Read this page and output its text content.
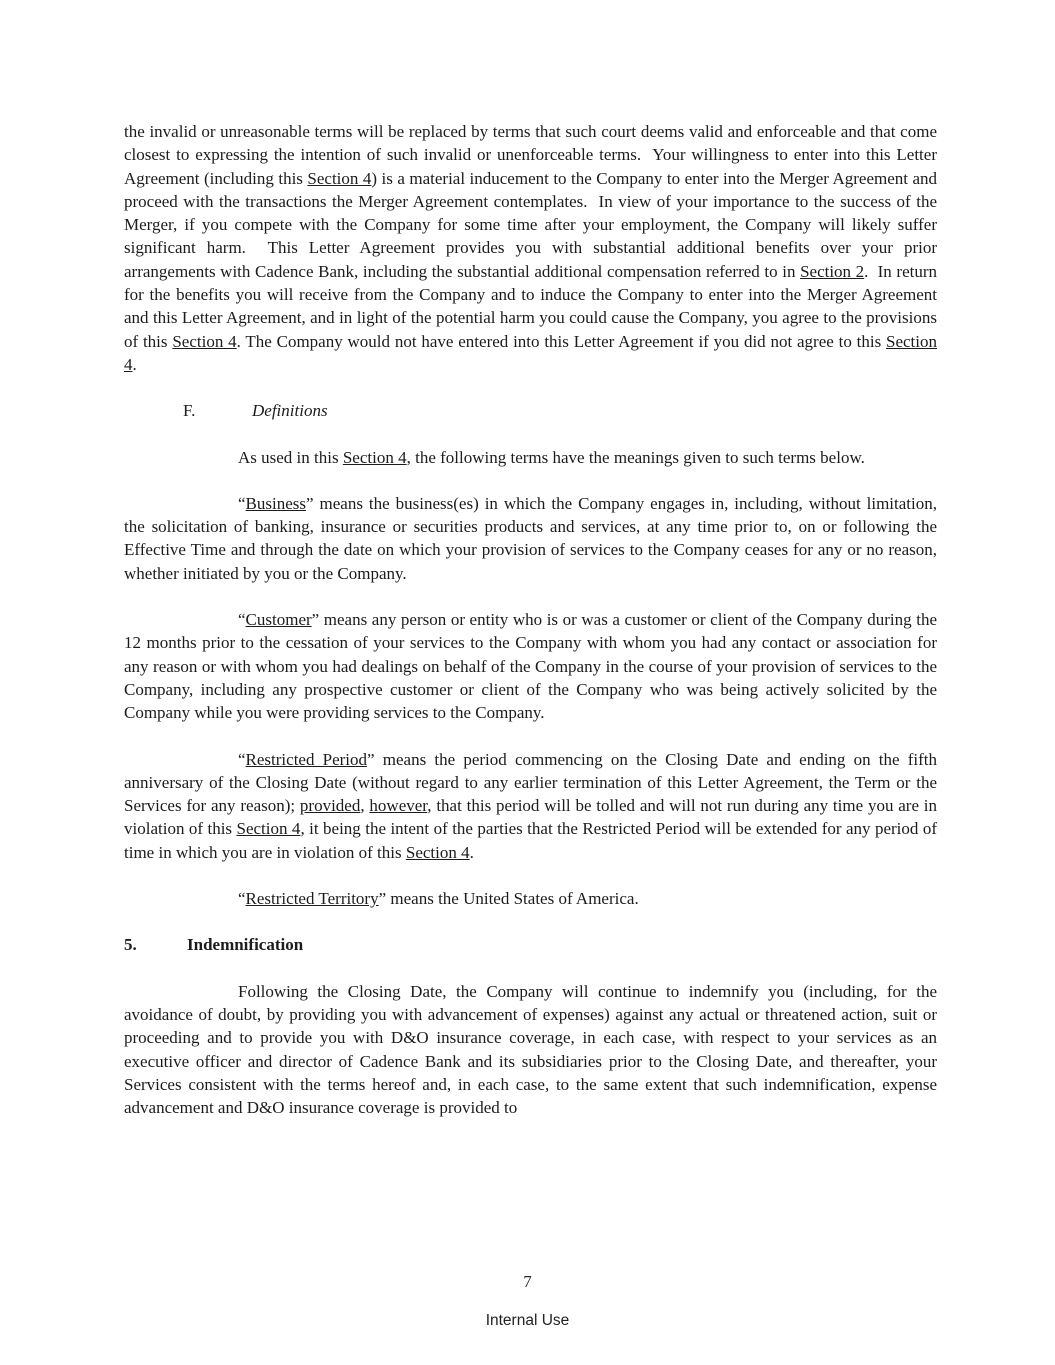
the invalid or unreasonable terms will be replaced by terms that such court deems valid and enforceable and that come closest to expressing the intention of such invalid or unenforceable terms.  Your willingness to enter into this Letter Agreement (including this Section 4) is a material inducement to the Company to enter into the Merger Agreement and proceed with the transactions the Merger Agreement contemplates.  In view of your importance to the success of the Merger, if you compete with the Company for some time after your employment, the Company will likely suffer significant harm.  This Letter Agreement provides you with substantial additional benefits over your prior arrangements with Cadence Bank, including the substantial additional compensation referred to in Section 2.  In return for the benefits you will receive from the Company and to induce the Company to enter into the Merger Agreement and this Letter Agreement, and in light of the potential harm you could cause the Company, you agree to the provisions of this Section 4. The Company would not have entered into this Letter Agreement if you did not agree to this Section 4.

F.	Definitions

As used in this Section 4, the following terms have the meanings given to such terms below.

“Business” means the business(es) in which the Company engages in, including, without limitation, the solicitation of banking, insurance or securities products and services, at any time prior to, on or following the Effective Time and through the date on which your provision of services to the Company ceases for any or no reason, whether initiated by you or the Company.

“Customer” means any person or entity who is or was a customer or client of the Company during the 12 months prior to the cessation of your services to the Company with whom you had any contact or association for any reason or with whom you had dealings on behalf of the Company in the course of your provision of services to the Company, including any prospective customer or client of the Company who was being actively solicited by the Company while you were providing services to the Company.

“Restricted Period” means the period commencing on the Closing Date and ending on the fifth anniversary of the Closing Date (without regard to any earlier termination of this Letter Agreement, the Term or the Services for any reason); provided, however, that this period will be tolled and will not run during any time you are in violation of this Section 4, it being the intent of the parties that the Restricted Period will be extended for any period of time in which you are in violation of this Section 4.

“Restricted Territory” means the United States of America.

5.	Indemnification

Following the Closing Date, the Company will continue to indemnify you (including, for the avoidance of doubt, by providing you with advancement of expenses) against any actual or threatened action, suit or proceeding and to provide you with D&O insurance coverage, in each case, with respect to your services as an executive officer and director of Cadence Bank and its subsidiaries prior to the Closing Date, and thereafter, your Services consistent with the terms hereof and, in each case, to the same extent that such indemnification, expense advancement and D&O insurance coverage is provided to

7
Internal Use
